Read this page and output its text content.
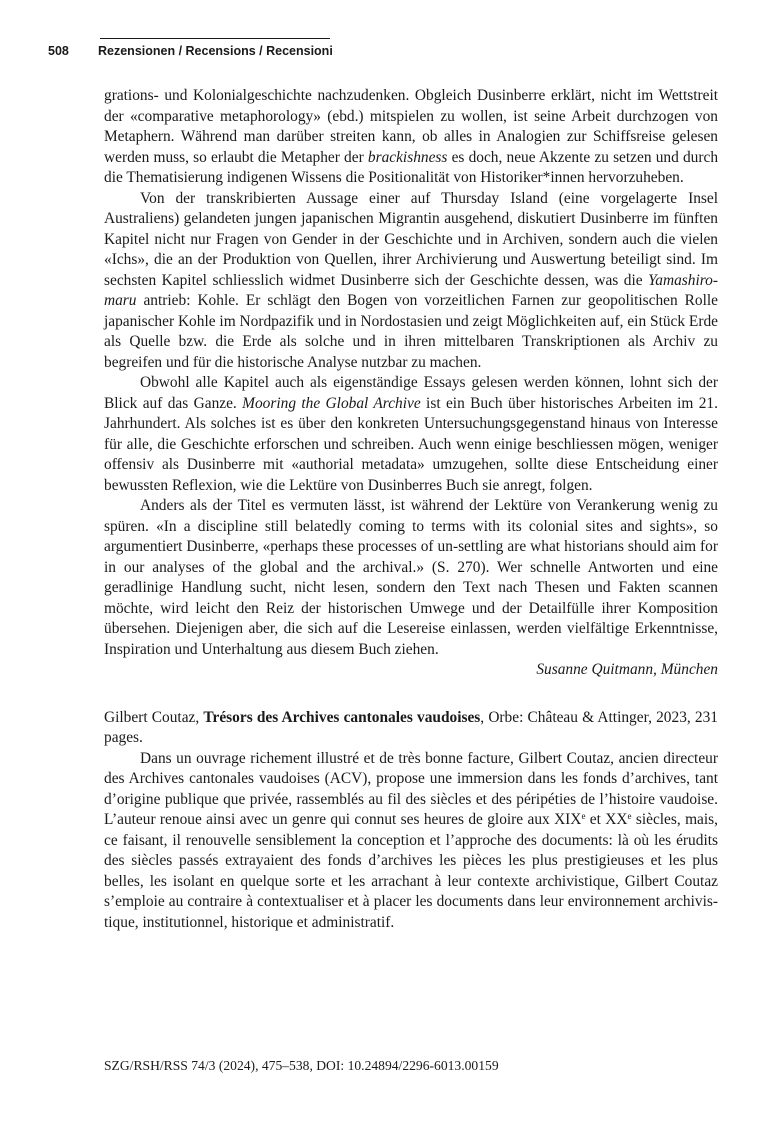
508 Rezensionen / Recensions / Recensioni

grations- und Kolonialgeschichte nachzudenken. Obgleich Dusinberre erklärt, nicht im Wettstreit der «comparative metaphorology» (ebd.) mitspielen zu wollen, ist seine Arbeit durchzogen von Metaphern. Während man darüber streiten kann, ob alles in Analogien zur Schiffsreise gelesen werden muss, so erlaubt die Metapher der brackishness es doch, neue Akzente zu setzen und durch die Thematisierung indigenen Wissens die Positionalität von Historiker*innen hervorzuheben.

Von der transkribierten Aussage einer auf Thursday Island (eine vorgelagerte Insel Australiens) gelandeten jungen japanischen Migrantin ausgehend, diskutiert Dusinberre im fünften Kapitel nicht nur Fragen von Gender in der Geschichte und in Archiven, sondern auch die vielen «Ichs», die an der Produktion von Quellen, ihrer Archivierung und Auswertung beteiligt sind. Im sechsten Kapitel schliesslich widmet Dusinberre sich der Geschichte dessen, was die Yamashiro-maru antrieb: Kohle. Er schlägt den Bogen von vorzeitlichen Farnen zur geopolitischen Rolle japanischer Kohle im Nordpazifik und in Nordostasien und zeigt Möglichkeiten auf, ein Stück Erde als Quelle bzw. die Erde als solche und in ihren mittelbaren Transkriptionen als Archiv zu begreifen und für die historische Analyse nutzbar zu machen.

Obwohl alle Kapitel auch als eigenständige Essays gelesen werden können, lohnt sich der Blick auf das Ganze. Mooring the Global Archive ist ein Buch über historisches Arbeiten im 21. Jahrhundert. Als solches ist es über den konkreten Untersuchungsgegenstand hinaus von Interesse für alle, die Geschichte erforschen und schreiben. Auch wenn einige beschliessen mögen, weniger offensiv als Dusinberre mit «authorial metadata» umzugehen, sollte diese Entscheidung einer bewussten Reflexion, wie die Lektüre von Dusinberres Buch sie anregt, folgen.

Anders als der Titel es vermuten lässt, ist während der Lektüre von Verankerung wenig zu spüren. «In a discipline still belatedly coming to terms with its colonial sites and sights», so argumentiert Dusinberre, «perhaps these processes of un-settling are what historians should aim for in our analyses of the global and the archival.» (S. 270). Wer schnelle Antworten und eine geradlinige Handlung sucht, nicht lesen, sondern den Text nach Thesen und Fakten scannen möchte, wird leicht den Reiz der historischen Umwege und der Detailfülle ihrer Komposition übersehen. Diejenigen aber, die sich auf die Lesereise einlassen, werden vielfältige Erkenntnisse, Inspiration und Unterhaltung aus diesem Buch ziehen.

Susanne Quitmann, München

Gilbert Coutaz, Trésors des Archives cantonales vaudoises, Orbe: Château & Attinger, 2023, 231 pages.

Dans un ouvrage richement illustré et de très bonne facture, Gilbert Coutaz, ancien directeur des Archives cantonales vaudoises (ACV), propose une immersion dans les fonds d’archives, tant d’origine publique que privée, rassemblés au fil des siècles et des péripéties de l’histoire vaudoise. L’auteur renoue ainsi avec un genre qui connut ses heures de gloire aux XIXe et XXe siècles, mais, ce faisant, il renouvelle sensiblement la conception et l’approche des documents: là où les érudits des siècles passés extrayaient des fonds d’archives les pièces les plus prestigieuses et les plus belles, les isolant en quelque sorte et les arrachant à leur contexte archivistique, Gilbert Coutaz s’emploie au contraire à contextualiser et à placer les documents dans leur environnement archivistique, institutionnel, historique et administratif.

SZG/RSH/RSS 74/3 (2024), 475–538, DOI: 10.24894/2296-6013.00159
